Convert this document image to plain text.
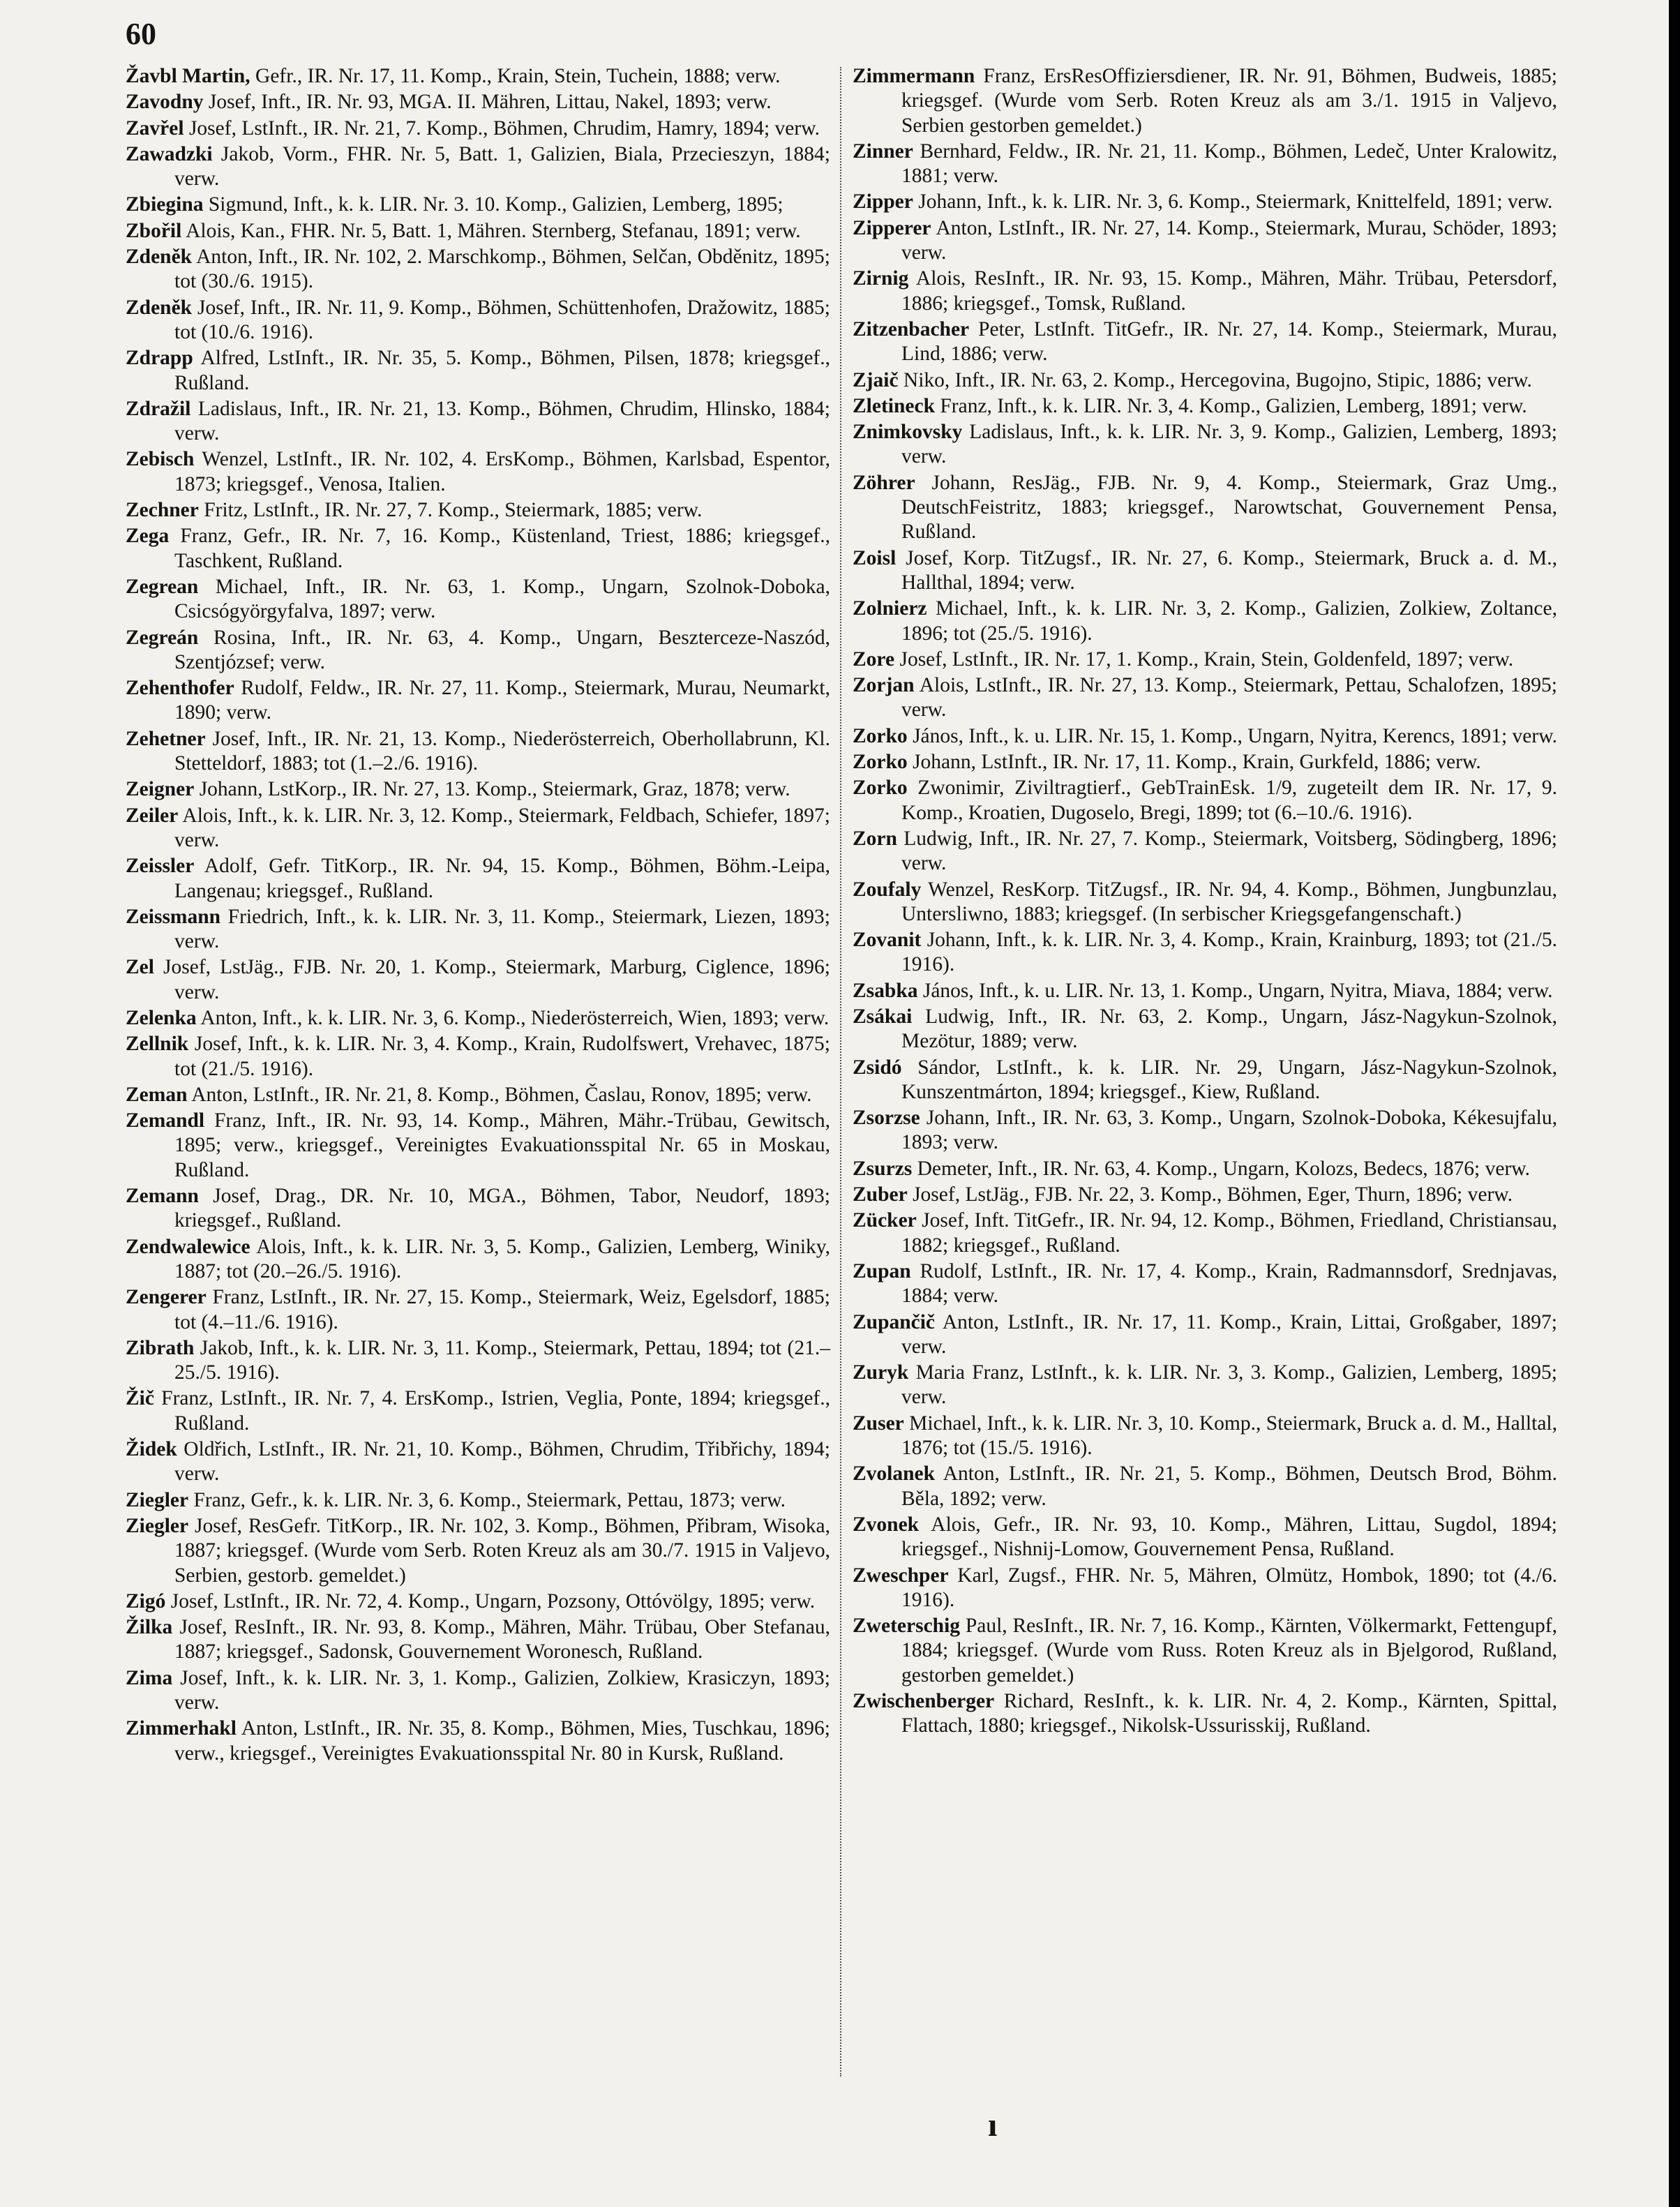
60

Žavbl Martin, Gefr., IR. Nr. 17, 11. Komp., Krain, Stein, Tuchein, 1888; verw.

Zavodny Josef, Inft., IR. Nr. 93, MGA. II. Mähren, Littau, Nakel, 1893; verw.

Zavřel Josef, LstInft., IR. Nr. 21, 7. Komp., Böhmen, Chrudim, Hamry, 1894; verw.

Zawadzki Jakob, Vorm., FHR. Nr. 5, Batt. 1, Galizien, Biala, Przecieszyn, 1884; verw.

Zbiegina Sigmund, Inft., k. k. LIR. Nr. 3. 10. Komp., Galizien, Lemberg, 1895;

Zbořil Alois, Kan., FHR. Nr. 5, Batt. 1, Mähren. Sternberg, Stefanau, 1891; verw.

Zdeněk Anton, Inft., IR. Nr. 102, 2. Marschkomp., Böhmen, Selčan, Obděnitz, 1895; tot (30./6. 1915).

Zdeněk Josef, Inft., IR. Nr. 11, 9. Komp., Böhmen, Schüttenhofen, Dražowitz, 1885; tot (10./6. 1916).

Zdrapp Alfred, LstInft., IR. Nr. 35, 5. Komp., Böhmen, Pilsen, 1878; kriegsgef., Rußland.

Zdražil Ladislaus, Inft., IR. Nr. 21, 13. Komp., Böhmen, Chrudim, Hlinsko, 1884; verw.

Zebisch Wenzel, LstInft., IR. Nr. 102, 4. ErsKomp., Böhmen, Karlsbad, Espentor, 1873; kriegsgef., Venosa, Italien.

Zechner Fritz, LstInft., IR. Nr. 27, 7. Komp., Steiermark, 1885; verw.

Zega Franz, Gefr., IR. Nr. 7, 16. Komp., Küstenland, Triest, 1886; kriegsgef., Taschkent, Rußland.

Zegrean Michael, Inft., IR. Nr. 63, 1. Komp., Ungarn, Szolnok-Doboka, Csicsógyörgyfalva, 1897; verw.

Zegreán Rosina, Inft., IR. Nr. 63, 4. Komp., Ungarn, Beszterceze-Naszód, Szentjózsef; verw.

Zehenthofer Rudolf, Feldw., IR. Nr. 27, 11. Komp., Steiermark, Murau, Neumarkt, 1890; verw.

Zehetner Josef, Inft., IR. Nr. 21, 13. Komp., Niederösterreich, Oberhollabrunn, Kl. Stetteldorf, 1883; tot (1.–2./6. 1916).

Zeigner Johann, LstKorp., IR. Nr. 27, 13. Komp., Steiermark, Graz, 1878; verw.

Zeiler Alois, Inft., k. k. LIR. Nr. 3, 12. Komp., Steiermark, Feldbach, Schiefer, 1897; verw.

Zeissler Adolf, Gefr. TitKorp., IR. Nr. 94, 15. Komp., Böhmen, Böhm.-Leipa, Langenau; kriegsgef., Rußland.

Zeissmann Friedrich, Inft., k. k. LIR. Nr. 3, 11. Komp., Steiermark, Liezen, 1893; verw.

Zel Josef, LstJäg., FJB. Nr. 20, 1. Komp., Steiermark, Marburg, Ciglence, 1896; verw.

Zelenka Anton, Inft., k. k. LIR. Nr. 3, 6. Komp., Niederösterreich, Wien, 1893; verw.

Zellnik Josef, Inft., k. k. LIR. Nr. 3, 4. Komp., Krain, Rudolfswert, Vrehavec, 1875; tot (21./5. 1916).

Zeman Anton, LstInft., IR. Nr. 21, 8. Komp., Böhmen, Časlau, Ronov, 1895; verw.

Zemandl Franz, Inft., IR. Nr. 93, 14. Komp., Mähren, Mähr.-Trübau, Gewitsch, 1895; verw., kriegsgef., Vereinigtes Evakuationsspital Nr. 65 in Moskau, Rußland.

Zemann Josef, Drag., DR. Nr. 10, MGA., Böhmen, Tabor, Neudorf, 1893; kriegsgef., Rußland.

Zendwalewice Alois, Inft., k. k. LIR. Nr. 3, 5. Komp., Galizien, Lemberg, Winiky, 1887; tot (20.–26./5. 1916).

Zengerer Franz, LstInft., IR. Nr. 27, 15. Komp., Steiermark, Weiz, Egelsdorf, 1885; tot (4.–11./6. 1916).

Zibrath Jakob, Inft., k. k. LIR. Nr. 3, 11. Komp., Steiermark, Pettau, 1894; tot (21.–25./5. 1916).

Žič Franz, LstInft., IR. Nr. 7, 4. ErsKomp., Istrien, Veglia, Ponte, 1894; kriegsgef., Rußland.

Židek Oldřich, LstInft., IR. Nr. 21, 10. Komp., Böhmen, Chrudim, Třibřichy, 1894; verw.

Ziegler Franz, Gefr., k. k. LIR. Nr. 3, 6. Komp., Steiermark, Pettau, 1873; verw.

Ziegler Josef, ResGefr. TitKorp., IR. Nr. 102, 3. Komp., Böhmen, Přibram, Wisoka, 1887; kriegsgef. (Wurde vom Serb. Roten Kreuz als am 30./7. 1915 in Valjevo, Serbien, gestorb. gemeldet.)

Zigó Josef, LstInft., IR. Nr. 72, 4. Komp., Ungarn, Pozsony, Ottóvölgy, 1895; verw.

Žilka Josef, ResInft., IR. Nr. 93, 8. Komp., Mähren, Mähr. Trübau, Ober Stefanau, 1887; kriegsgef., Sadonsk, Gouvernement Woronesch, Rußland.

Zima Josef, Inft., k. k. LIR. Nr. 3, 1. Komp., Galizien, Zolkiew, Krasiczyn, 1893; verw.

Zimmerhakl Anton, LstInft., IR. Nr. 35, 8. Komp., Böhmen, Mies, Tuschkau, 1896; verw., kriegsgef., Vereinigtes Evakuationsspital Nr. 80 in Kursk, Rußland.

Zimmermann Franz, ErsResOffiziersdiener, IR. Nr. 91, Böhmen, Budweis, 1885; kriegsgef. (Wurde vom Serb. Roten Kreuz als am 3./1. 1915 in Valjevo, Serbien gestorben gemeldet.)

Zinner Bernhard, Feldw., IR. Nr. 21, 11. Komp., Böhmen, Ledeč, Unter Kralowitz, 1881; verw.

Zipper Johann, Inft., k. k. LIR. Nr. 3, 6. Komp., Steiermark, Knittelfeld, 1891; verw.

Zipperer Anton, LstInft., IR. Nr. 27, 14. Komp., Steiermark, Murau, Schöder, 1893; verw.

Zirnig Alois, ResInft., IR. Nr. 93, 15. Komp., Mähren, Mähr. Trübau, Petersdorf, 1886; kriegsgef., Tomsk, Rußland.

Zitzenbacher Peter, LstInft. TitGefr., IR. Nr. 27, 14. Komp., Steiermark, Murau, Lind, 1886; verw.

Zjaič Niko, Inft., IR. Nr. 63, 2. Komp., Hercegovina, Bugojno, Stipic, 1886; verw.

Zletineck Franz, Inft., k. k. LIR. Nr. 3, 4. Komp., Galizien, Lemberg, 1891; verw.

Znimkovsky Ladislaus, Inft., k. k. LIR. Nr. 3, 9. Komp., Galizien, Lemberg, 1893; verw.

Zöhrer Johann, ResJäg., FJB. Nr. 9, 4. Komp., Steiermark, Graz Umg., DeutschFeistritz, 1883; kriegsgef., Narowtschat, Gouvernement Pensa, Rußland.

Zoisl Josef, Korp. TitZugsf., IR. Nr. 27, 6. Komp., Steiermark, Bruck a. d. M., Hallthal, 1894; verw.

Zolnierz Michael, Inft., k. k. LIR. Nr. 3, 2. Komp., Galizien, Zolkiew, Zoltance, 1896; tot (25./5. 1916).

Zore Josef, LstInft., IR. Nr. 17, 1. Komp., Krain, Stein, Goldenfeld, 1897; verw.

Zorjan Alois, LstInft., IR. Nr. 27, 13. Komp., Steiermark, Pettau, Schalofzen, 1895; verw.

Zorko János, Inft., k. u. LIR. Nr. 15, 1. Komp., Ungarn, Nyitra, Kerencs, 1891; verw.

Zorko Johann, LstInft., IR. Nr. 17, 11. Komp., Krain, Gurkfeld, 1886; verw.

Zorko Zwonimir, Ziviltragtierf., GebTrainEsk. 1/9, zugeteilt dem IR. Nr. 17, 9. Komp., Kroatien, Dugoselo, Bregi, 1899; tot (6.–10./6. 1916).

Zorn Ludwig, Inft., IR. Nr. 27, 7. Komp., Steiermark, Voitsberg, Södingberg, 1896; verw.

Zoufaly Wenzel, ResKorp. TitZugsf., IR. Nr. 94, 4. Komp., Böhmen, Jungbunzlau, Untersliwno, 1883; kriegsgef. (In serbischer Kriegsgefangenschaft.)

Zovanit Johann, Inft., k. k. LIR. Nr. 3, 4. Komp., Krain, Krainburg, 1893; tot (21./5. 1916).

Zsabka János, Inft., k. u. LIR. Nr. 13, 1. Komp., Ungarn, Nyitra, Miava, 1884; verw.

Zsákai Ludwig, Inft., IR. Nr. 63, 2. Komp., Ungarn, Jász-Nagykun-Szolnok, Mezötur, 1889; verw.

Zsidó Sándor, LstInft., k. k. LIR. Nr. 29, Ungarn, Jász-Nagykun-Szolnok, Kunszentmárton, 1894; kriegsgef., Kiew, Rußland.

Zsorzse Johann, Inft., IR. Nr. 63, 3. Komp., Ungarn, Szolnok-Doboka, Kékesujfalu, 1893; verw.

Zsurzs Demeter, Inft., IR. Nr. 63, 4. Komp., Ungarn, Kolozs, Bedecs, 1876; verw.

Zuber Josef, LstJäg., FJB. Nr. 22, 3. Komp., Böhmen, Eger, Thurn, 1896; verw.

Zücker Josef, Inft. TitGefr., IR. Nr. 94, 12. Komp., Böhmen, Friedland, Christiansau, 1882; kriegsgef., Rußland.

Zupan Rudolf, LstInft., IR. Nr. 17, 4. Komp., Krain, Radmannsdorf, Srednjavas, 1884; verw.

Zupančič Anton, LstInft., IR. Nr. 17, 11. Komp., Krain, Littai, Großgaber, 1897; verw.

Zuryk Maria Franz, LstInft., k. k. LIR. Nr. 3, 3. Komp., Galizien, Lemberg, 1895; verw.

Zuser Michael, Inft., k. k. LIR. Nr. 3, 10. Komp., Steiermark, Bruck a. d. M., Halltal, 1876; tot (15./5. 1916).

Zvolanek Anton, LstInft., IR. Nr. 21, 5. Komp., Böhmen, Deutsch Brod, Böhm. Běla, 1892; verw.

Zvonek Alois, Gefr., IR. Nr. 93, 10. Komp., Mähren, Littau, Sugdol, 1894; kriegsgef., Nishnij-Lomow, Gouvernement Pensa, Rußland.

Zweschper Karl, Zugsf., FHR. Nr. 5, Mähren, Olmütz, Hombok, 1890; tot (4./6. 1916).

Zweterschig Paul, ResInft., IR. Nr. 7, 16. Komp., Kärnten, Völkermarkt, Fettengupf, 1884; kriegsgef. (Wurde vom Russ. Roten Kreuz als in Bjelgorod, Rußland, gestorben gemeldet.)

Zwischenberger Richard, ResInft., k. k. LIR. Nr. 4, 2. Komp., Kärnten, Spittal, Flattach, 1880; kriegsgef., Nikolsk-Ussurisskij, Rußland.

ı
